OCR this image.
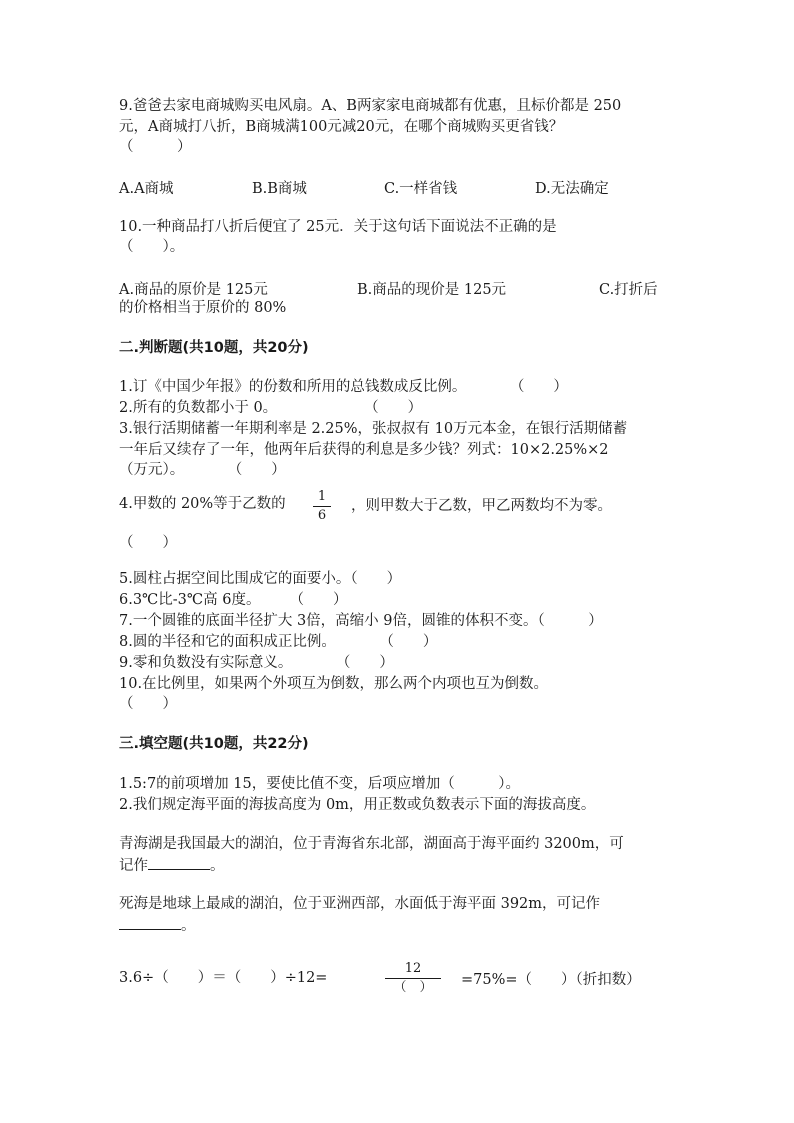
9.爸爸去家电商城购买电风扇。A、B两家家电商城都有优惠，且标价都是 250
元，A商城打八折，B商城满100元减20元，在哪个商城购买更省钱？
（　　　）
A.A商城	B.B商城	C.一样省钱	D.无法确定
10.一种商品打八折后便宜了 25元．关于这句话下面说法不正确的是
（　　）。
A.商品的原价是 125元	B.商品的现价是 125元	C.打折后
的价格相当于原价的 80%
二.判断题(共10题，共20分)
1.订《中国少年报》的份数和所用的总钱数成反比例。　　　　（　　）
2.所有的负数都小于 0。　　　　　　　（　　）
3.银行活期储蓄一年期利率是 2.25%，张叔叔有 10万元本金，在银行活期储蓄
一年后又续存了一年，他两年后获得的利息是多少钱？列式：10×2.25%×2
（万元）。　　　　（　　）
4.甲数的 20%等于乙数的	1
6
，则甲数大于乙数，甲乙两数均不为零。
（　　）
5.圆柱占据空间比围成它的面要小。（　　）
6.3℃比-3℃高 6度。　　　（　　）
7.一个圆锥的底面半径扩大 3倍，高缩小 9倍，圆锥的体积不变。（　　　）
8.圆的半径和它的面积成正比例。　　　　（　　）
9.零和负数没有实际意义。　　　　（　　）
10.在比例里，如果两个外项互为倒数，那么两个内项也互为倒数。
（　　）
三.填空题(共10题，共22分)
1.5:7的前项增加 15，要使比值不变，后项应增加（　　　）。
2.我们规定海平面的海拔高度为 0m，用正数或负数表示下面的海拔高度。
青海湖是我国最大的湖泊，位于青海省东北部，湖面高于海平面约 3200m，可
记作	。
死海是地球上最咸的湖泊，位于亚洲西部，水面低于海平面 392m，可记作
。
3.6÷（　　）＝（　　）÷12=
12
（　）	=75%=（　　）（折扣数）
